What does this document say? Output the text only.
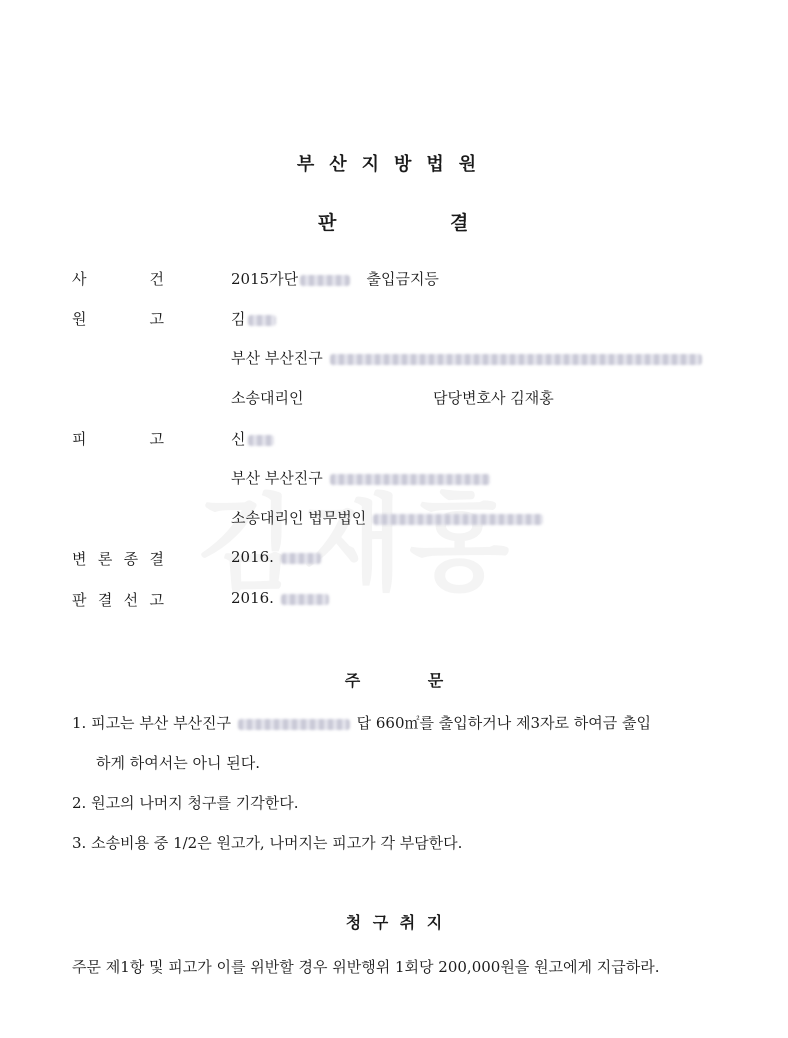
부산지방법원
판	결
사	건	2015가단	출입금지등
원	고	김
부산 부산진구
소송대리인	담당변호사 김재홍
피	고	신
부산 부산진구
소송대리인 법무법인
변 론 종 결	2016.
판 결 선 고	2016.
주 문
1. 피고는 부산 부산진구	답 660㎡를 출입하거나 제3자로 하여금 출입
하게 하여서는 아니 된다.
2. 원고의 나머지 청구를 기각한다.
3. 소송비용 중 1/2은 원고가, 나머지는 피고가 각 부담한다.
청 구 취 지
주문 제1항 및 피고가 이를 위반할 경우 위반행위 1회당 200,000원을 원고에게 지급하라.
